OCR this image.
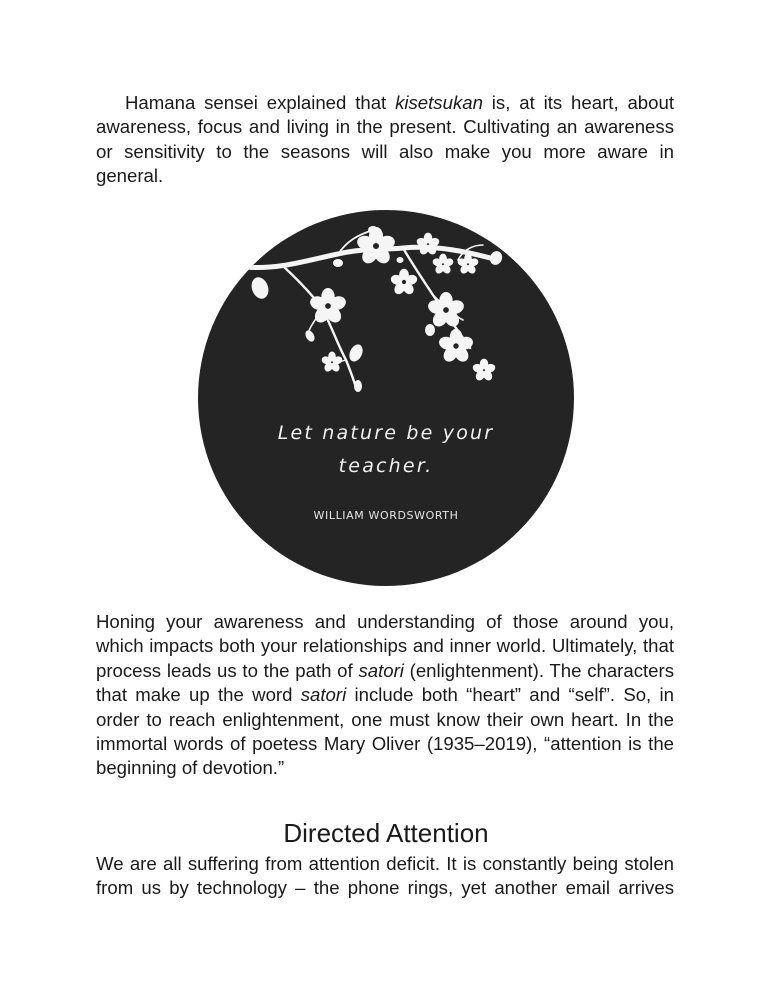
Hamana sensei explained that kisetsukan is, at its heart, about awareness, focus and living in the present. Cultivating an awareness or sensitivity to the seasons will also make you more aware in general.

Let nature be your
teacher.
WILLIAM WORDSWORTH

Honing your awareness and understanding of those around you, which impacts both your relationships and inner world. Ultimately, that process leads us to the path of satori (enlightenment). The characters that make up the word satori include both “heart” and “self”. So, in order to reach enlightenment, one must know their own heart. In the immortal words of poetess Mary Oliver (1935–2019), “attention is the beginning of devotion.”

Directed Attention

We are all suffering from attention deficit. It is constantly being stolen from us by technology – the phone rings, yet another email arrives
